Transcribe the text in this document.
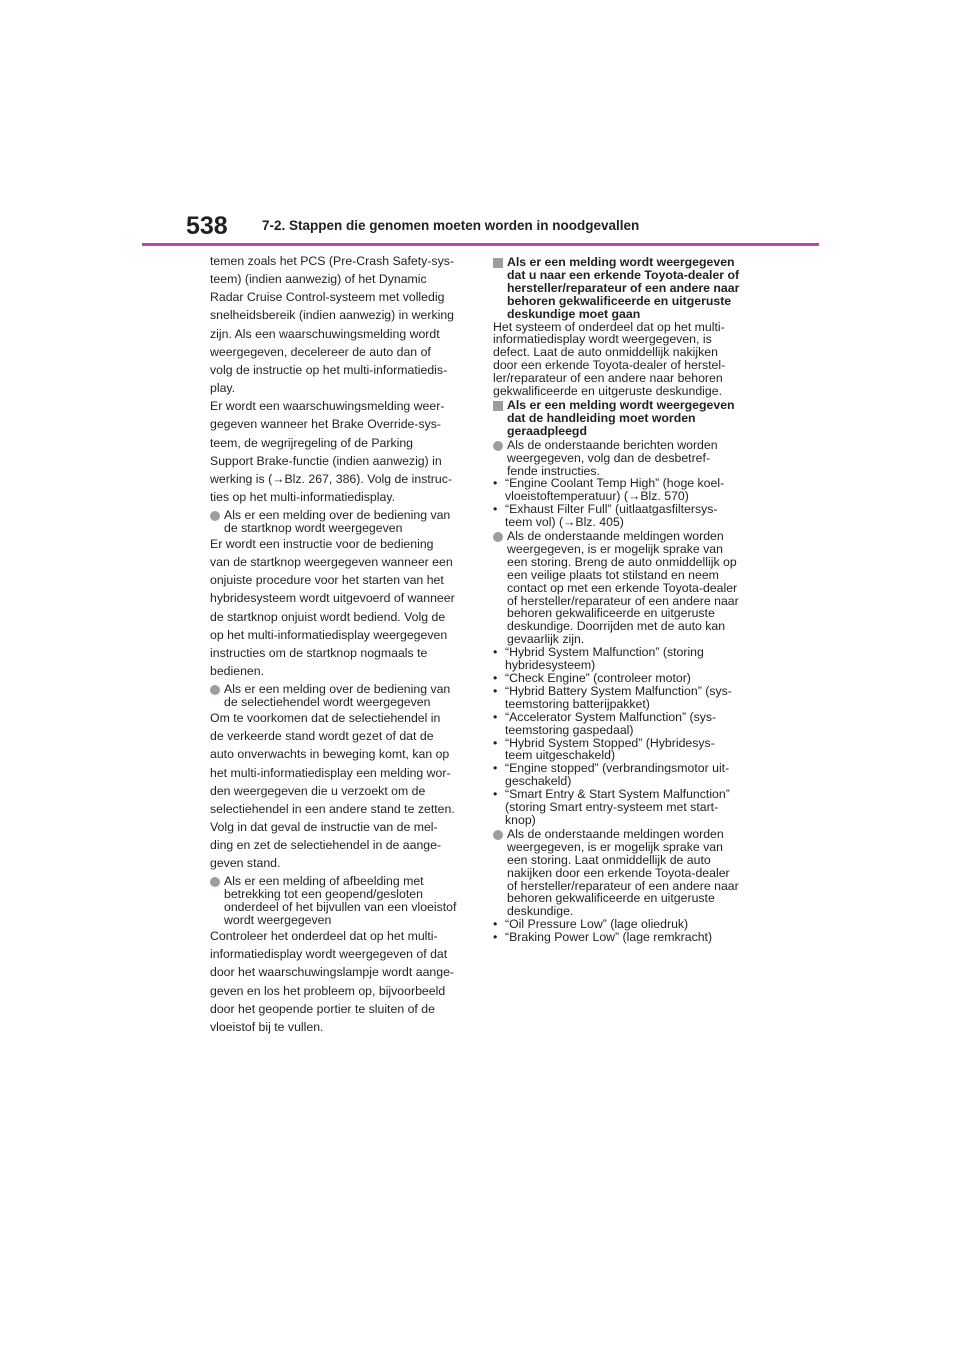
538	7-2. Stappen die genomen moeten worden in noodgevallen
temen zoals het PCS (Pre-Crash Safety-sys-
teem) (indien aanwezig) of het Dynamic
Radar Cruise Control-systeem met volledig
snelheidsbereik (indien aanwezig) in werking
zijn. Als een waarschuwingsmelding wordt
weergegeven, decelereer de auto dan of
volg de instructie op het multi-informatiedis-
play.
Er wordt een waarschuwingsmelding weer-
gegeven wanneer het Brake Override-sys-
teem, de wegrijregeling of de Parking
Support Brake-functie (indien aanwezig) in
werking is (→Blz. 267, 386). Volg de instruc-
ties op het multi-informatiedisplay.
Als er een melding over de bediening van
de startknop wordt weergegeven
Er wordt een instructie voor de bediening
van de startknop weergegeven wanneer een
onjuiste procedure voor het starten van het
hybridesysteem wordt uitgevoerd of wanneer
de startknop onjuist wordt bediend. Volg de
op het multi-informatiedisplay weergegeven
instructies om de startknop nogmaals te
bedienen.
Als er een melding over de bediening van
de selectiehendel wordt weergegeven
Om te voorkomen dat de selectiehendel in
de verkeerde stand wordt gezet of dat de
auto onverwachts in beweging komt, kan op
het multi-informatiedisplay een melding wor-
den weergegeven die u verzoekt om de
selectiehendel in een andere stand te zetten.
Volg in dat geval de instructie van de mel-
ding en zet de selectiehendel in de aange-
geven stand.
Als er een melding of afbeelding met
betrekking tot een geopend/gesloten
onderdeel of het bijvullen van een vloeistof
wordt weergegeven
Controleer het onderdeel dat op het multi-
informatiedisplay wordt weergegeven of dat
door het waarschuwingslampje wordt aange-
geven en los het probleem op, bijvoorbeeld
door het geopende portier te sluiten of de
vloeistof bij te vullen.
Als er een melding wordt weergegeven
dat u naar een erkende Toyota-dealer of
hersteller/reparateur of een andere naar
behoren gekwalificeerde en uitgeruste
deskundige moet gaan
Het systeem of onderdeel dat op het multi-
informatiedisplay wordt weergegeven, is
defect. Laat de auto onmiddellijk nakijken
door een erkende Toyota-dealer of herstel-
ler/reparateur of een andere naar behoren
gekwalificeerde en uitgeruste deskundige.
Als er een melding wordt weergegeven
dat de handleiding moet worden
geraadpleegd
Als de onderstaande berichten worden
weergegeven, volg dan de desbetref-
fende instructies.
• “Engine Coolant Temp High” (hoge koel-
vloeistoftemperatuur) (→Blz. 570)
• “Exhaust Filter Full” (uitlaatgasfiltersys-
teem vol) (→Blz. 405)
Als de onderstaande meldingen worden
weergegeven, is er mogelijk sprake van
een storing. Breng de auto onmiddellijk op
een veilige plaats tot stilstand en neem
contact op met een erkende Toyota-dealer
of hersteller/reparateur of een andere naar
behoren gekwalificeerde en uitgeruste
deskundige. Doorrijden met de auto kan
gevaarlijk zijn.
• “Hybrid System Malfunction” (storing
hybridesysteem)
• “Check Engine” (controleer motor)
• “Hybrid Battery System Malfunction” (sys-
teemstoring batterijpakket)
• “Accelerator System Malfunction” (sys-
teemstoring gaspedaal)
• “Hybrid System Stopped” (Hybridesys-
teem uitgeschakeld)
• “Engine stopped” (verbrandingsmotor uit-
geschakeld)
• “Smart Entry & Start System Malfunction”
(storing Smart entry-systeem met start-
knop)
Als de onderstaande meldingen worden
weergegeven, is er mogelijk sprake van
een storing. Laat onmiddellijk de auto
nakijken door een erkende Toyota-dealer
of hersteller/reparateur of een andere naar
behoren gekwalificeerde en uitgeruste
deskundige.
• “Oil Pressure Low” (lage oliedruk)
• “Braking Power Low” (lage remkracht)
